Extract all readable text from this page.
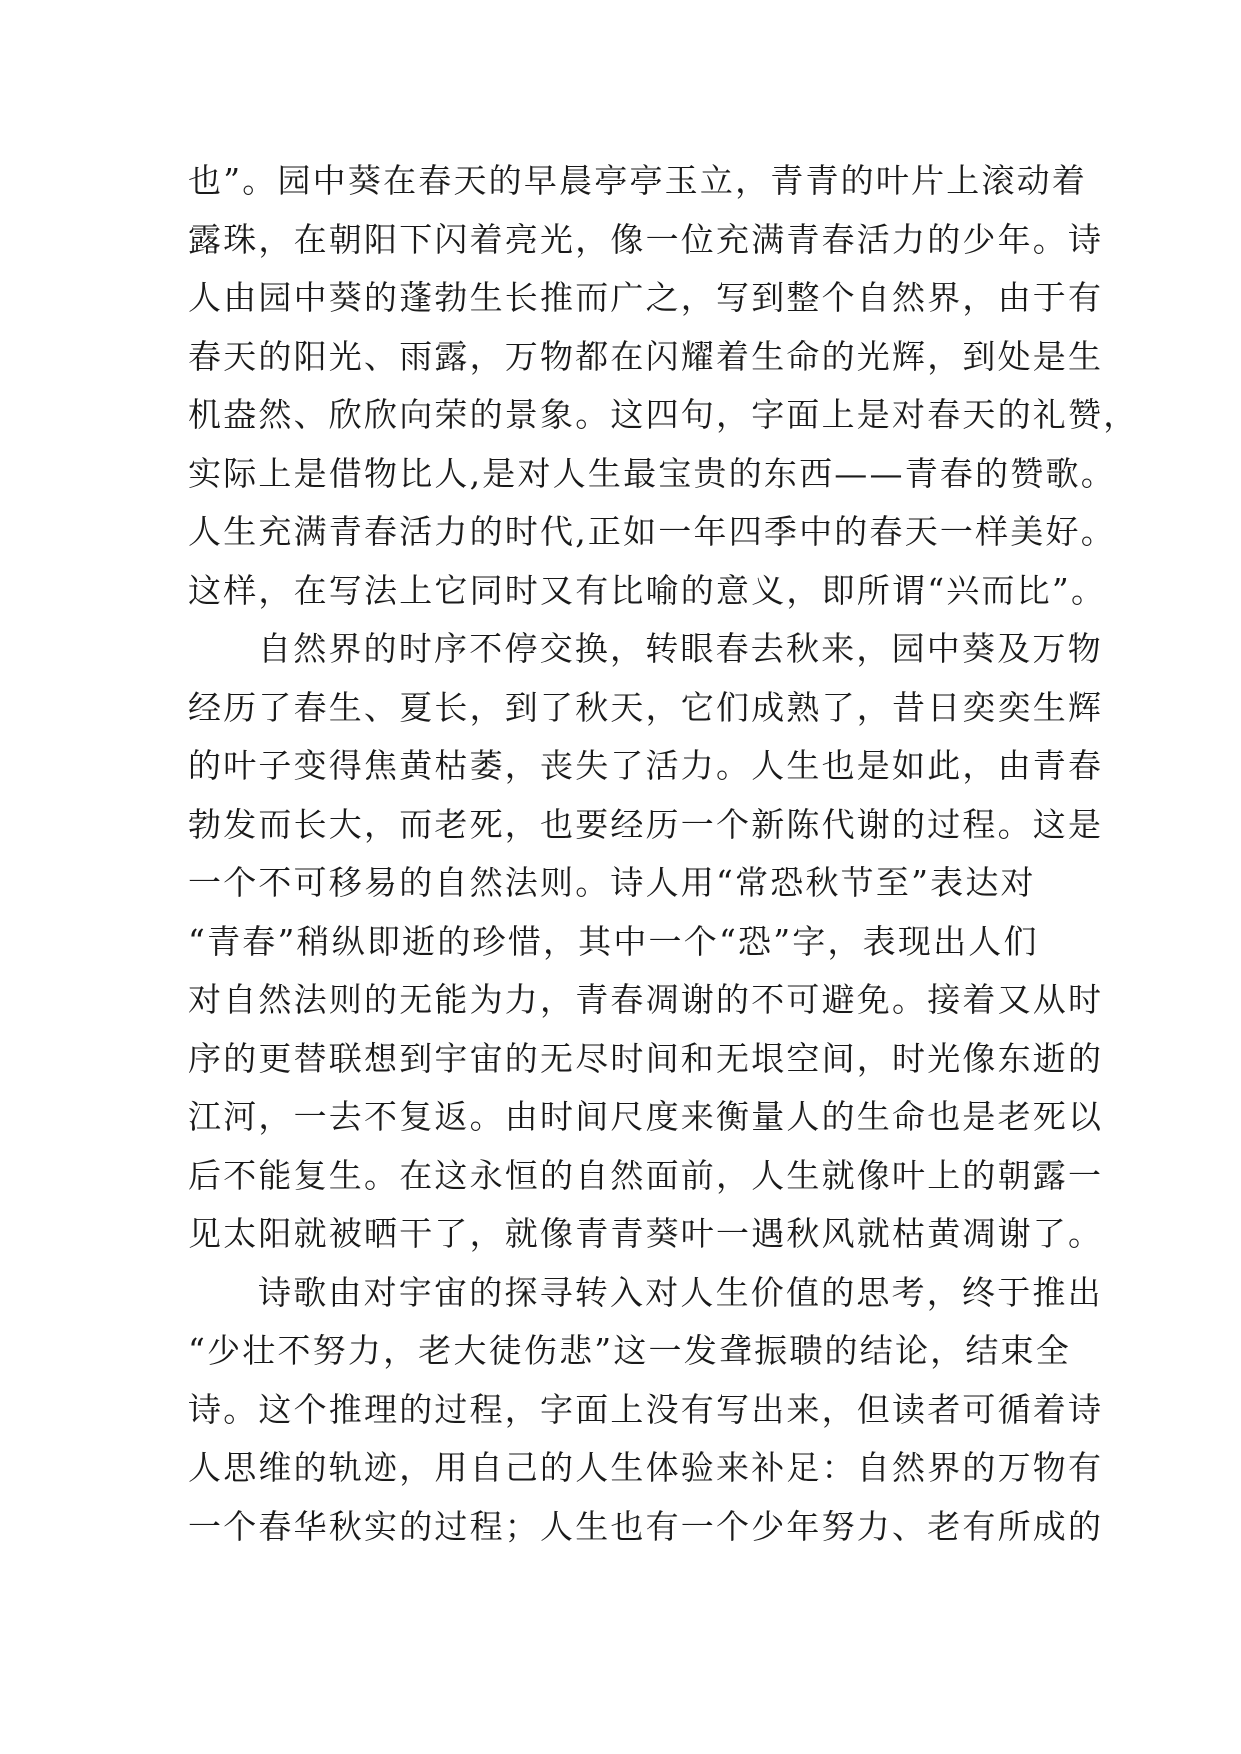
也”。园中葵在春天的早晨亭亭玉立，青青的叶片上滚动着
露珠，在朝阳下闪着亮光，像一位充满青春活力的少年。诗
人由园中葵的蓬勃生长推而广之，写到整个自然界，由于有
春天的阳光、雨露，万物都在闪耀着生命的光辉，到处是生
机盎然、欣欣向荣的景象。这四句，字面上是对春天的礼赞，
实际上是借物比人,是对人生最宝贵的东西——青春的赞歌。
人生充满青春活力的时代,正如一年四季中的春天一样美好。
这样，在写法上它同时又有比喻的意义，即所谓“兴而比”。
自然界的时序不停交换，转眼春去秋来，园中葵及万物
经历了春生、夏长，到了秋天，它们成熟了，昔日奕奕生辉
的叶子变得焦黄枯萎，丧失了活力。人生也是如此，由青春
勃发而长大，而老死，也要经历一个新陈代谢的过程。这是
一个不可移易的自然法则。诗人用“常恐秋节至”表达对
“青春”稍纵即逝的珍惜，其中一个“恐”字，表现出人们
对自然法则的无能为力，青春凋谢的不可避免。接着又从时
序的更替联想到宇宙的无尽时间和无垠空间，时光像东逝的
江河，一去不复返。由时间尺度来衡量人的生命也是老死以
后不能复生。在这永恒的自然面前，人生就像叶上的朝露一
见太阳就被晒干了，就像青青葵叶一遇秋风就枯黄凋谢了。
诗歌由对宇宙的探寻转入对人生价值的思考，终于推出
“少壮不努力，老大徒伤悲”这一发聋振聩的结论，结束全
诗。这个推理的过程，字面上没有写出来，但读者可循着诗
人思维的轨迹，用自己的人生体验来补足：自然界的万物有
一个春华秋实的过程；人生也有一个少年努力、老有所成的
